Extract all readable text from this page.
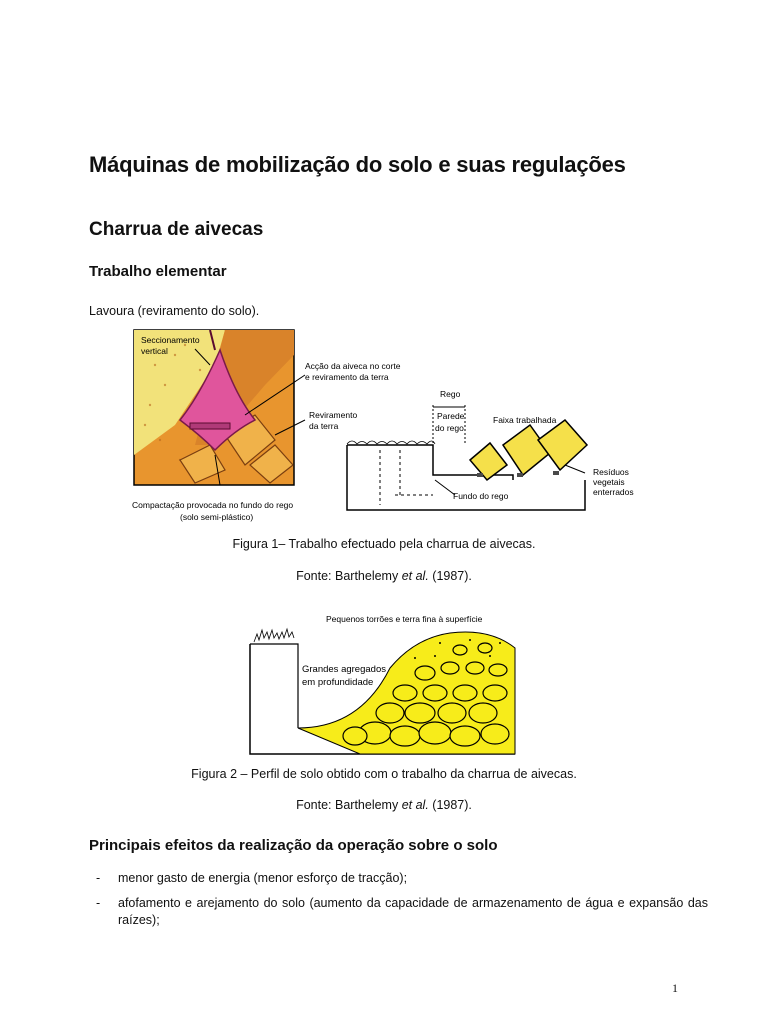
Máquinas de mobilização do solo e suas regulações
Charrua de aivecas
Trabalho elementar
Lavoura (reviramento do solo).
Seccionamento vertical
Acção da aiveca no corte e reviramento da terra
Reviramento da terra
Compactação provocada no fundo do rego (solo semi-plástico)
Rego
Parede do rego
Faixa trabalhada
Resíduos vegetais enterrados
Fundo do rego
Figura 1– Trabalho efectuado pela charrua de aivecas.
Fonte: Barthelemy et al. (1987).
Pequenos torrões e terra fina à superfície
Grandes agregados em profundidade
Figura 2 – Perfil de solo obtido com o trabalho da charrua de aivecas.
Fonte: Barthelemy et al. (1987).
Principais efeitos da realização da operação sobre o solo
- menor gasto de energia (menor esforço de tracção);
- afofamento e arejamento do solo (aumento da capacidade de armazenamento de água e expansão das raízes);
1
